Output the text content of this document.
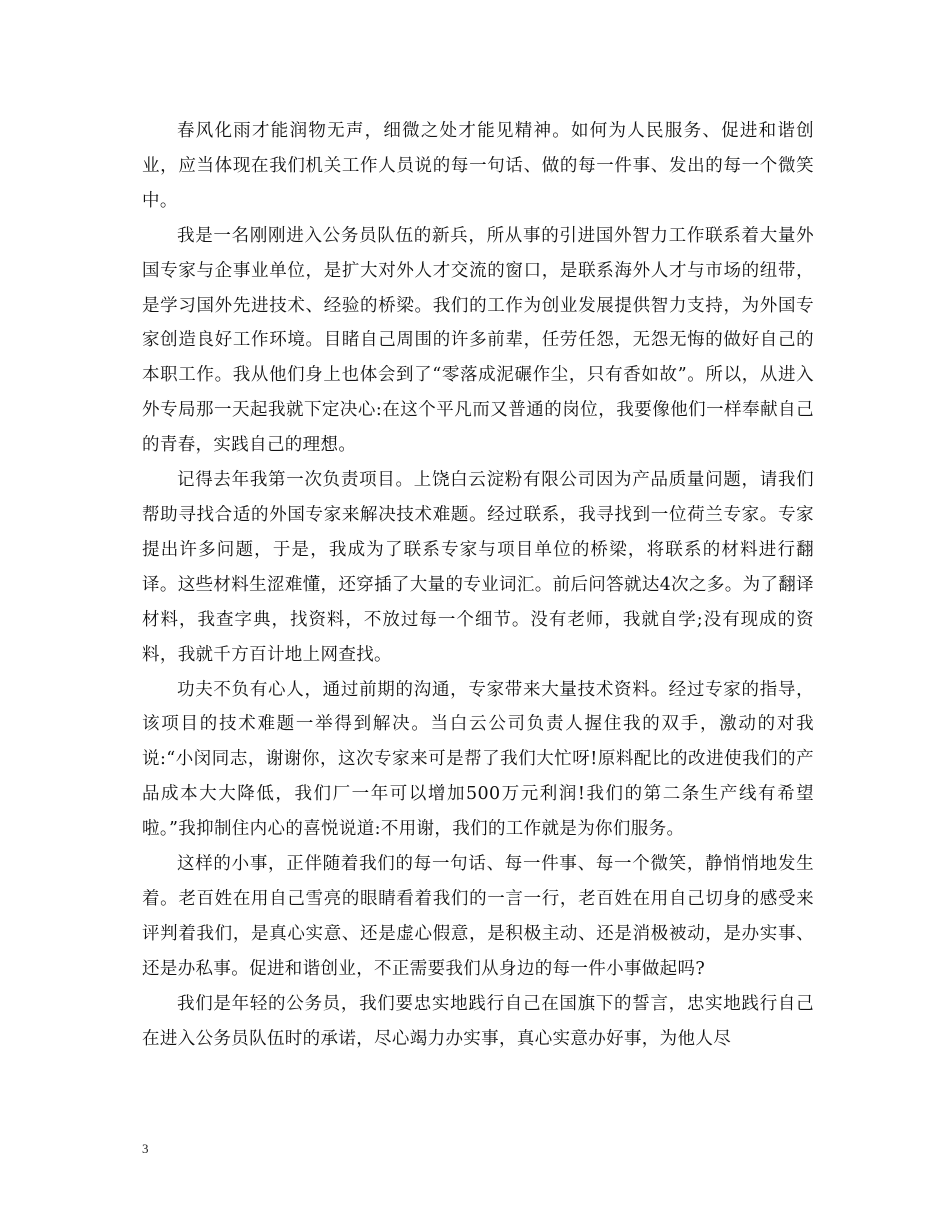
春风化雨才能润物无声，细微之处才能见精神。如何为人民服务、促进和谐创业，应当体现在我们机关工作人员说的每一句话、做的每一件事、发出的每一个微笑中。

我是一名刚刚进入公务员队伍的新兵，所从事的引进国外智力工作联系着大量外国专家与企事业单位，是扩大对外人才交流的窗口，是联系海外人才与市场的纽带，是学习国外先进技术、经验的桥梁。我们的工作为创业发展提供智力支持，为外国专家创造良好工作环境。目睹自己周围的许多前辈，任劳任怨，无怨无悔的做好自己的本职工作。我从他们身上也体会到了“零落成泥碾作尘，只有香如故”。所以，从进入外专局那一天起我就下定决心:在这个平凡而又普通的岗位，我要像他们一样奉献自己的青春，实践自己的理想。

记得去年我第一次负责项目。上饶白云淀粉有限公司因为产品质量问题，请我们帮助寻找合适的外国专家来解决技术难题。经过联系，我寻找到一位荷兰专家。专家提出许多问题，于是，我成为了联系专家与项目单位的桥梁，将联系的材料进行翻译。这些材料生涩难懂，还穿插了大量的专业词汇。前后问答就达4次之多。为了翻译材料，我查字典，找资料，不放过每一个细节。没有老师，我就自学;没有现成的资料，我就千方百计地上网查找。

功夫不负有心人，通过前期的沟通，专家带来大量技术资料。经过专家的指导，该项目的技术难题一举得到解决。当白云公司负责人握住我的双手，激动的对我说:“小闵同志，谢谢你，这次专家来可是帮了我们大忙呀!原料配比的改进使我们的产品成本大大降低，我们厂一年可以增加500万元利润!我们的第二条生产线有希望啦。”我抑制住内心的喜悦说道:不用谢，我们的工作就是为你们服务。

这样的小事，正伴随着我们的每一句话、每一件事、每一个微笑，静悄悄地发生着。老百姓在用自己雪亮的眼睛看着我们的一言一行，老百姓在用自己切身的感受来评判着我们，是真心实意、还是虚心假意，是积极主动、还是消极被动，是办实事、还是办私事。促进和谐创业，不正需要我们从身边的每一件小事做起吗?

我们是年轻的公务员，我们要忠实地践行自己在国旗下的誓言，忠实地践行自己在进入公务员队伍时的承诺，尽心竭力办实事，真心实意办好事，为他人尽

3
